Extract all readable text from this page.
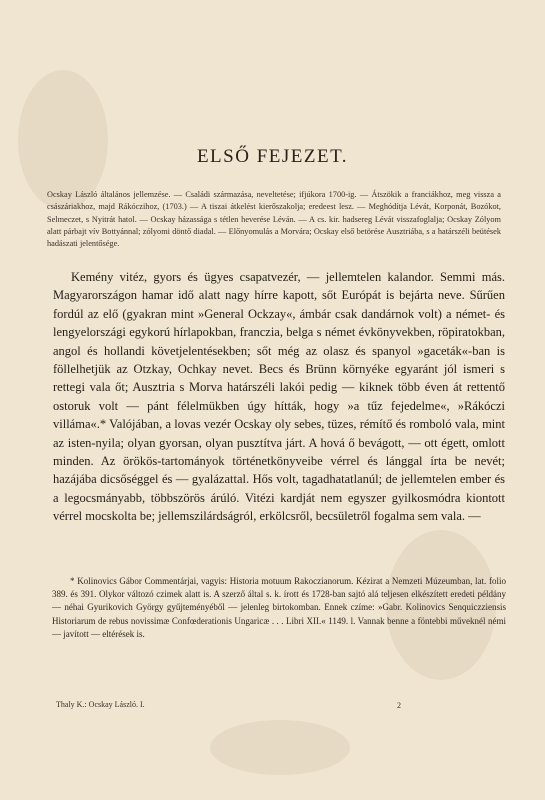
ELSŐ FEJEZET.
Ocskay László általános jellemzése. — Családi származása, neveltetése; ifjúkora 1700-ig. — Átszökik a franciákhoz, meg vissza a császáriakhoz, majd Rákóczihoz, (1703.) — A tiszai átkelést kierőszakolja; eredeest lesz. — Meghódítja Lévát, Korponát, Bozókot, Selmeczet, s Nyitrát hatol. — Ocskay házassága s tétlen heverése Léván. — A cs. kir. hadsereg Lévát visszafoglalja; Ocskay Zólyom alatt párbajt vív Bottyánnal; zólyomi döntő diadal. — Előnyomulás a Morvára; Ocskay első betörése Ausztriába, s a határszéli beütések hadászati jelentősége.

Kemény vitéz, gyors és ügyes csapatvezér, — jellemtelen kalandor. Semmi más. Magyarországon hamar idő alatt nagy hírre kapott, sőt Európát is bejárta neve. Sűrűen fordúl az elő (gyakran mint »General Ockzay«, ámbár csak dandárnok volt) a német- és lengyelországi egykorú hírlapokban, franczia, belga s német évkönyvekben, röpiratokban, angol és hollandi követjelentésekben; sőt még az olasz és spanyol »gaceták«-ban is föllelhetjük az Otzkay, Ochkay nevet. Becs és Brünn környéke egyaránt jól ismeri s rettegi vala őt; Ausztria s Morva határszéli lakói pedig — kiknek több éven át rettentő ostoruk volt — pánt félelmükben úgy hítták, hogy »a tűz fejedelme«, »Rákóczi villáma«.* Valójában, a lovas vezér Ocskay oly sebes, tüzes, rémítő és romboló vala, mint az isten-nyila; olyan gyorsan, olyan pusztítva járt. A hová ő bevágott, — ott égett, omlott minden. Az örökös-tartományok történetkönyveibe vérrel és lánggal írta be nevét; hazájába dicsőséggel és — gyalázattal. Hős volt, tagadhatatlanúl; de jellemtelen ember és a legocsmányabb, többszörös árúló. Vitézi kardját nem egyszer gyilkosmódra kiontott vérrel mocskolta be; jellemszilárdságról, erkölcsről, becsületről fogalma sem vala. —

* Kolinovics Gábor Commentárjai, vagyis: Historia motuum Rakoczianorum. Kézirat a Nemzeti Múzeumban, lat. folio 389. és 391. Olykor változó czimek alatt is. A szerző által s. k. írott és 1728-ban sajtó alá teljesen elkészített eredeti példány — néhai Gyurikovich György gyűjteményéből — jelenleg birtokomban. Ennek czíme: »Gabr. Kolinovics Senquiczziensis Historiarum de rebus novissimæ Confœderationis Ungaricæ . . . Libri XII.« 1149. l. Vannak benne a föntebbi műveknél némi — javított — eltérések is.

Thaly K.: Ocskay László. I.	2
